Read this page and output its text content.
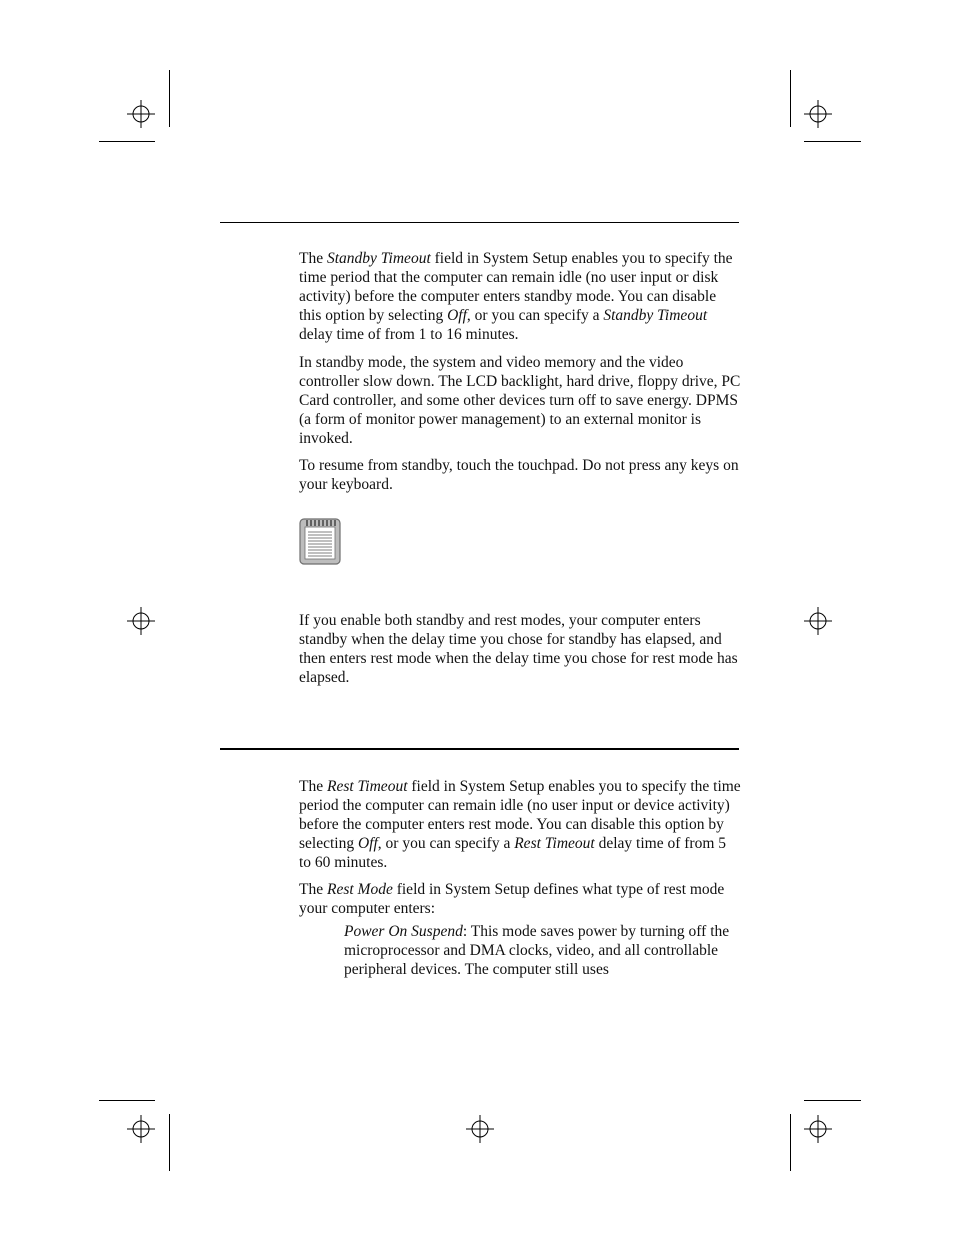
The Standby Timeout field in System Setup enables you to specify the time period that the computer can remain idle (no user input or disk activity) before the computer enters standby mode. You can disable this option by selecting Off, or you can specify a Standby Timeout delay time of from 1 to 16 minutes.

In standby mode, the system and video memory and the video controller slow down. The LCD backlight, hard drive, floppy drive, PC Card controller, and some other devices turn off to save energy. DPMS (a form of monitor power management) to an external monitor is invoked.

To resume from standby, touch the touchpad. Do not press any keys on your keyboard.

If you enable both standby and rest modes, your computer enters standby when the delay time you chose for standby has elapsed, and then enters rest mode when the delay time you chose for rest mode has elapsed.

The Rest Timeout field in System Setup enables you to specify the time period the computer can remain idle (no user input or device activity) before the computer enters rest mode. You can disable this option by selecting Off, or you can specify a Rest Timeout delay time of from 5 to 60 minutes.

The Rest Mode field in System Setup defines what type of rest mode your computer enters:

Power On Suspend: This mode saves power by turning off the microprocessor and DMA clocks, video, and all controllable peripheral devices. The computer still uses
